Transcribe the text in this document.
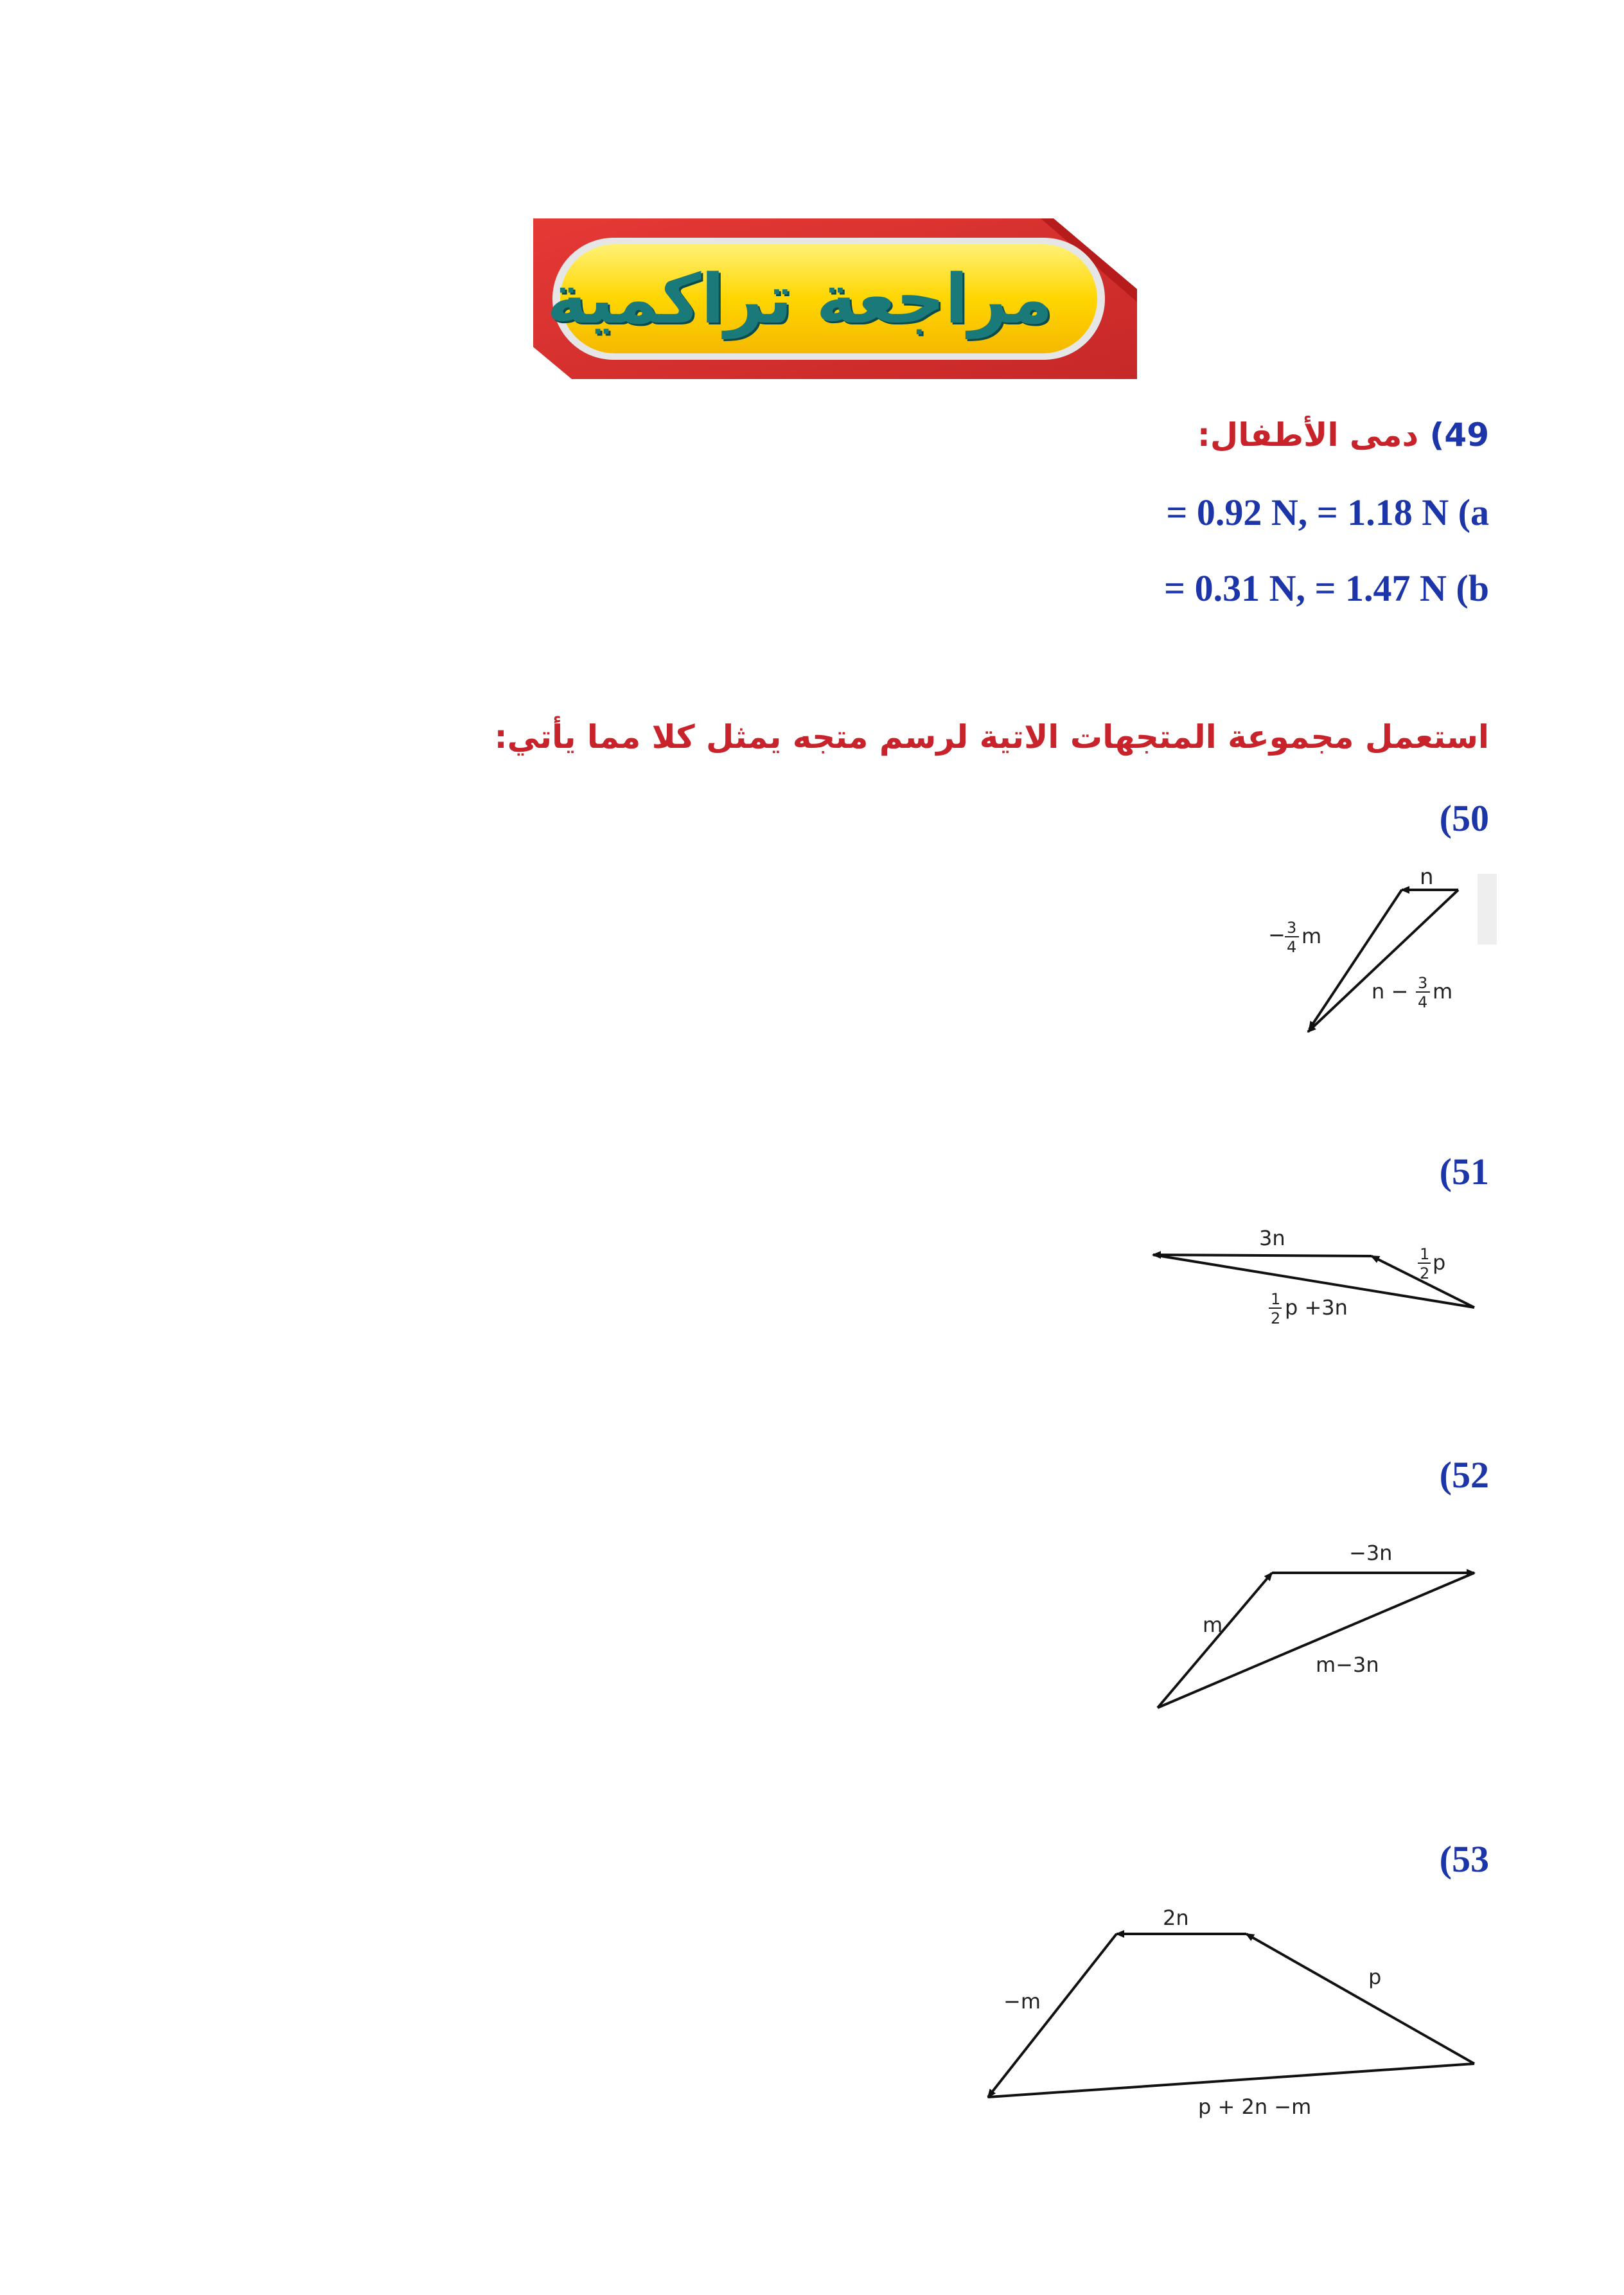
مراجعة تراكمية
49) دمى الأطفال:
= 0.92 N, = 1.18 N (a
= 0.31 N, = 1.47 N (b
استعمل مجموعة المتجهات الاتية لرسم متجه يمثل كلا مما يأتي:
(50
(51
(52
(53
n
− 3
4 m
n − 3
4 m
3n
1
2 p
1
2 p +3n
−3n
m
m−3n
2n
p
−m
p + 2n −m
